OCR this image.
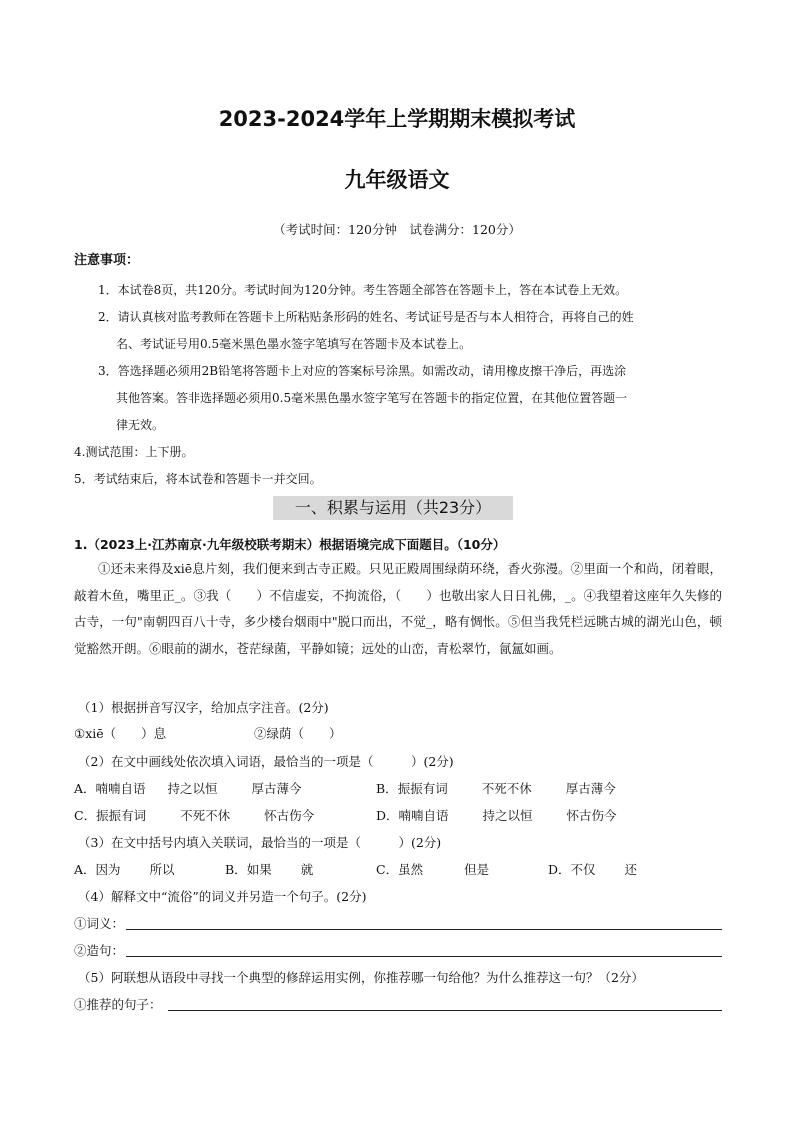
2023-2024学年上学期期末模拟考试
九年级语文
（考试时间：120分钟　试卷满分：120分）
注意事项：
1．本试卷8页，共120分。考试时间为120分钟。考生答题全部答在答题卡上，答在本试卷上无效。
2．请认真核对监考教师在答题卡上所粘贴条形码的姓名、考试证号是否与本人相符合，再将自己的姓
名、考试证号用0.5毫米黑色墨水签字笔填写在答题卡及本试卷上。
3．答选择题必须用2B铅笔将答题卡上对应的答案标号涂黑。如需改动，请用橡皮擦干净后，再选涂
其他答案。答非选择题必须用0.5毫米黑色墨水签字笔写在答题卡的指定位置，在其他位置答题一
律无效。
4.测试范围：上下册。
5．考试结束后，将本试卷和答题卡一并交回。
一、积累与运用（共23分）
1.（2023上·江苏南京·九年级校联考期末）根据语境完成下面题目。（10分）
①还未来得及xiē息片刻，我们便来到古寺正殿。只见正殿周围绿荫环绕，香火弥漫。②里面一个和尚，闭着眼，敲着木鱼，嘴里正_。③我（　　）不信虚妄，不拘流俗，（　　）也敬出家人日日礼佛，_。④我望着这座年久失修的古寺，一句"南朝四百八十寺，多少楼台烟雨中"脱口而出，不觉_，略有惆怅。⑤但当我凭栏远眺古城的湖光山色，顿觉豁然开朗。⑥眼前的湖水，苍茫绿菌，平静如镜；远处的山峦，青松翠竹，氤氲如画。
（1）根据拼音写汉字，给加点字注音。(2分)
①xiē（　　）息	②绿荫（　　）
（2）在文中画线处依次填入词语，最恰当的一项是（　　　）(2分)
A．喃喃自语 持之以恒	厚古薄今	B．振振有词	不死不休	厚古薄今
C．振振有词	不死不休	怀古伤今	D．喃喃自语	持之以恒	怀古伤今
（3）在文中括号内填入关联词，最恰当的一项是（　　　）(2分)
A．因为 所以	B．如果 就	C．虽然	但是	D．不仅 还
（4）解释文中“流俗”的词义并另造一个句子。(2分)
①词义：
②造句：
（5）阿联想从语段中寻找一个典型的修辞运用实例，你推荐哪一句给他？为什么推荐这一句？（2分）
①推荐的句子：
